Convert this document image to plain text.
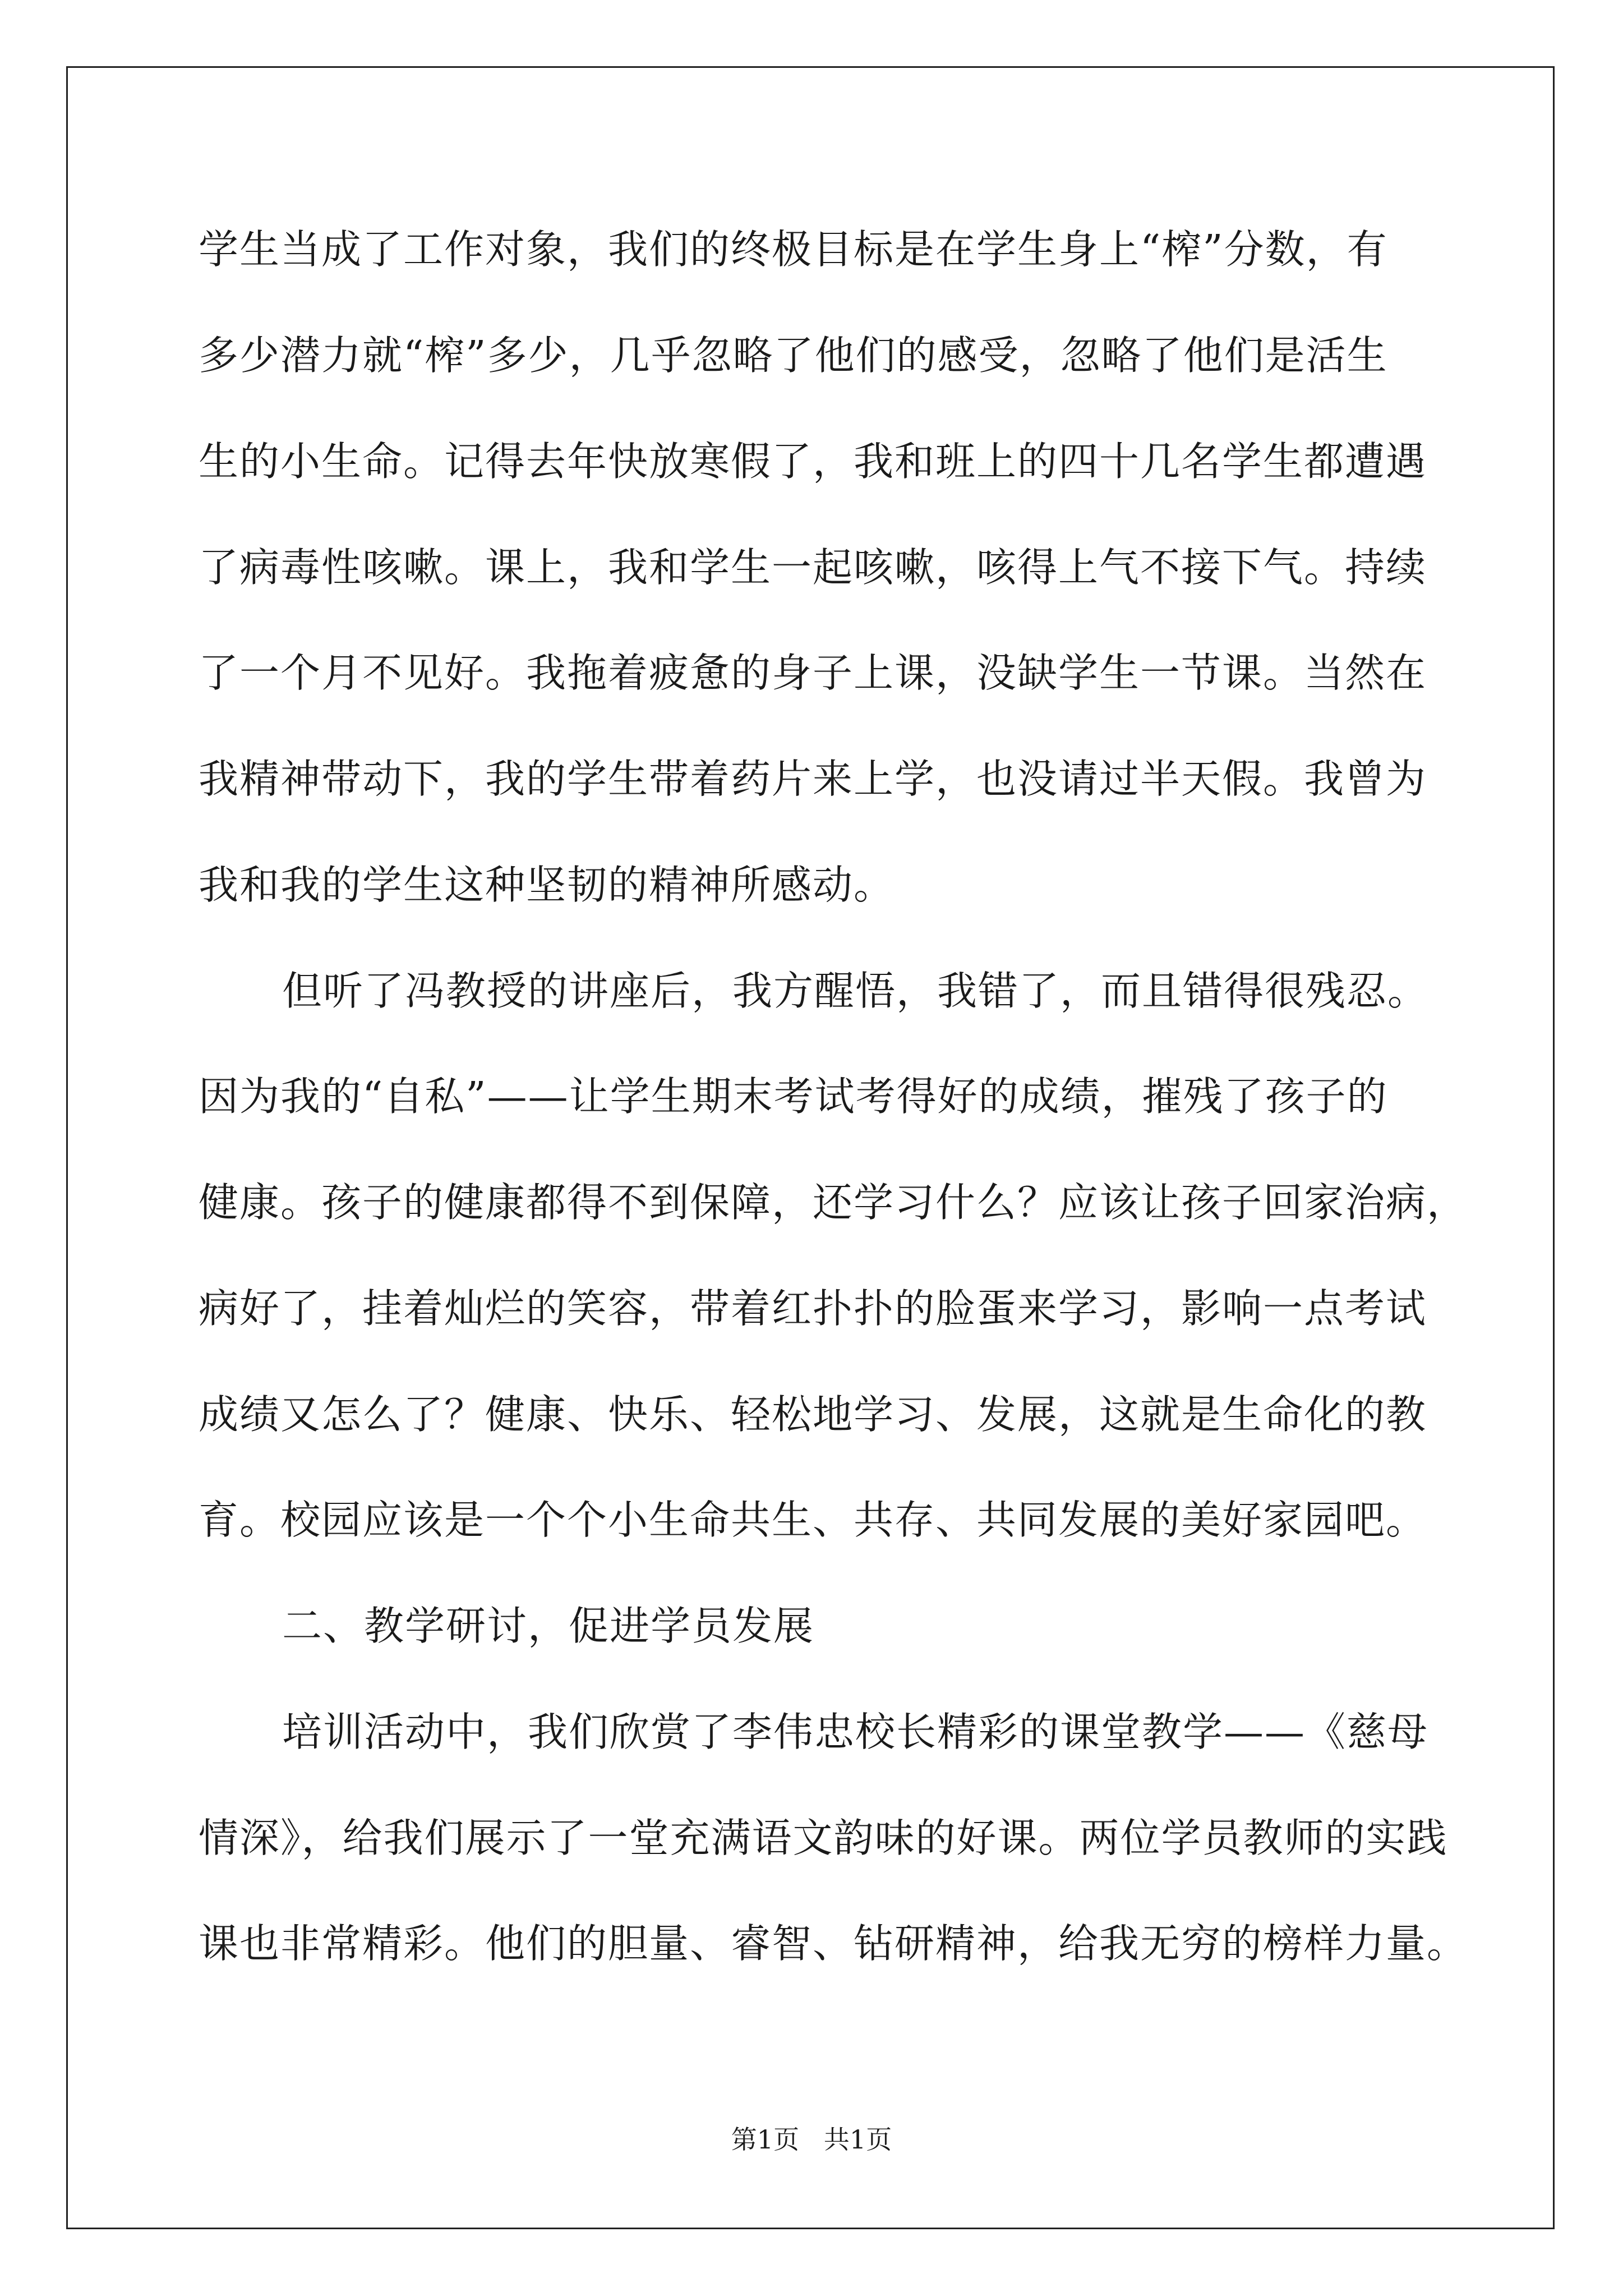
学生当成了工作对象，我们的终极目标是在学生身上“榨”分数，有

多少潜力就“榨”多少，几乎忽略了他们的感受，忽略了他们是活生

生的小生命。记得去年快放寒假了，我和班上的四十几名学生都遭遇

了病毒性咳嗽。课上，我和学生一起咳嗽，咳得上气不接下气。持续

了一个月不见好。我拖着疲惫的身子上课，没缺学生一节课。当然在

我精神带动下，我的学生带着药片来上学，也没请过半天假。我曾为

我和我的学生这种坚韧的精神所感动。

但听了冯教授的讲座后，我方醒悟，我错了，而且错得很残忍。

因为我的“自私”——让学生期末考试考得好的成绩，摧残了孩子的

健康。孩子的健康都得不到保障，还学习什么？应该让孩子回家治病，

病好了，挂着灿烂的笑容，带着红扑扑的脸蛋来学习，影响一点考试

成绩又怎么了？健康、快乐、轻松地学习、发展，这就是生命化的教

育。校园应该是一个个小生命共生、共存、共同发展的美好家园吧。

二、教学研讨，促进学员发展

培训活动中，我们欣赏了李伟忠校长精彩的课堂教学——《慈母

情深》，给我们展示了一堂充满语文韵味的好课。两位学员教师的实践

课也非常精彩。他们的胆量、睿智、钻研精神，给我无穷的榜样力量。

第1页   共1页
